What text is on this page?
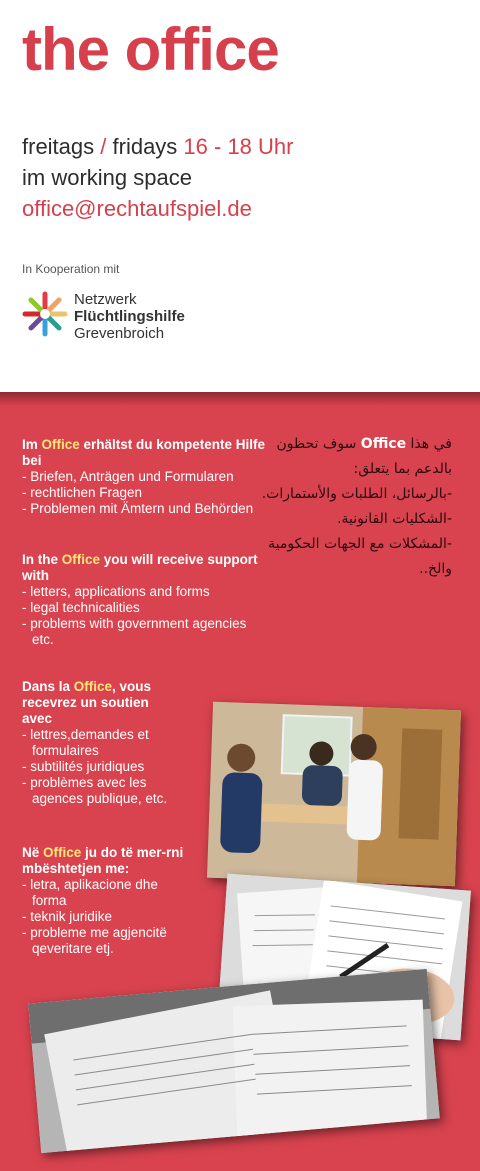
the office
freitags / fridays 16 - 18 Uhr
im working space
office@rechtaufspiel.de
In Kooperation mit
Netzwerk
Flüchtlingshilfe
Grevenbroich
Im Office erhältst du kompetente Hilfe bei
- Briefen, Anträgen und Formularen
- rechtlichen Fragen
- Problemen mit Ämtern und Behörden
In the Office you will receive support with
- letters, applications and forms
- legal technicalities
- problems with government agencies etc.
Dans la Office, vous recevrez un soutien avec
- lettres,demandes et formulaires
- subtilités juridiques
- problèmes avec les agences publique, etc.
Në Office ju do të mer-rni mbështetjen me:
- letra, aplikacione dhe forma
- teknik juridike
- probleme me agjencitë qeveritare etj.
في هذا Office سوف تحظون بالدعم بما يتعلق:
-بالرسائل، الطلبات والأستمارات.
-الشكليات القانونية.
-المشكلات مع الجهات الحكومية والخ..
